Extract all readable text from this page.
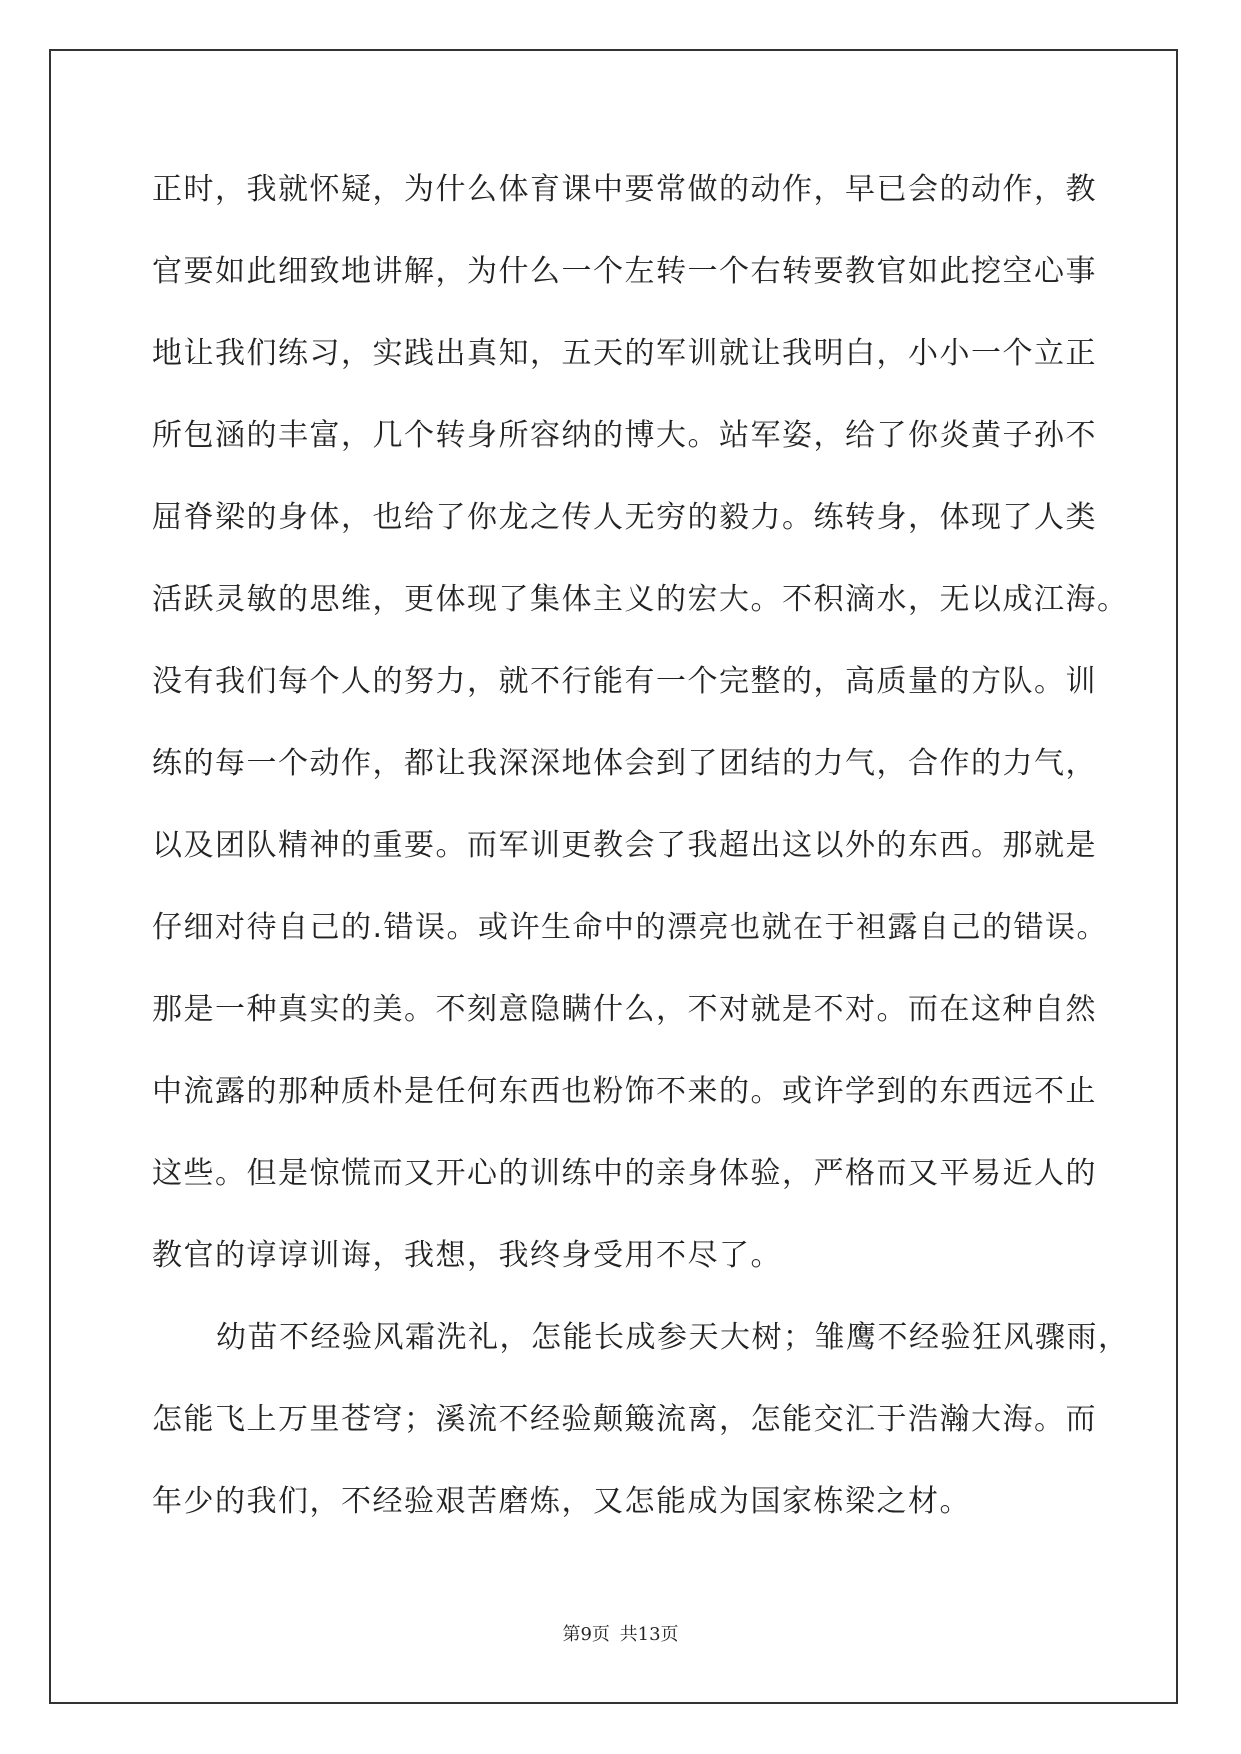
正时，我就怀疑，为什么体育课中要常做的动作，早已会的动作，教
官要如此细致地讲解，为什么一个左转一个右转要教官如此挖空心事
地让我们练习，实践出真知，五天的军训就让我明白，小小一个立正
所包涵的丰富，几个转身所容纳的博大。站军姿，给了你炎黄子孙不
屈脊梁的身体，也给了你龙之传人无穷的毅力。练转身，体现了人类
活跃灵敏的思维，更体现了集体主义的宏大。不积滴水，无以成江海。
没有我们每个人的努力，就不行能有一个完整的，高质量的方队。训
练的每一个动作，都让我深深地体会到了团结的力气，合作的力气，
以及团队精神的重要。而军训更教会了我超出这以外的东西。那就是
仔细对待自己的.错误。或许生命中的漂亮也就在于袒露自己的错误。
那是一种真实的美。不刻意隐瞒什么，不对就是不对。而在这种自然
中流露的那种质朴是任何东西也粉饰不来的。或许学到的东西远不止
这些。但是惊慌而又开心的训练中的亲身体验，严格而又平易近人的
教官的谆谆训诲，我想，我终身受用不尽了。
幼苗不经验风霜洗礼，怎能长成参天大树；雏鹰不经验狂风骤雨，
怎能飞上万里苍穹；溪流不经验颠簸流离，怎能交汇于浩瀚大海。而
年少的我们，不经验艰苦磨炼，又怎能成为国家栋梁之材。
第9页 共13页
